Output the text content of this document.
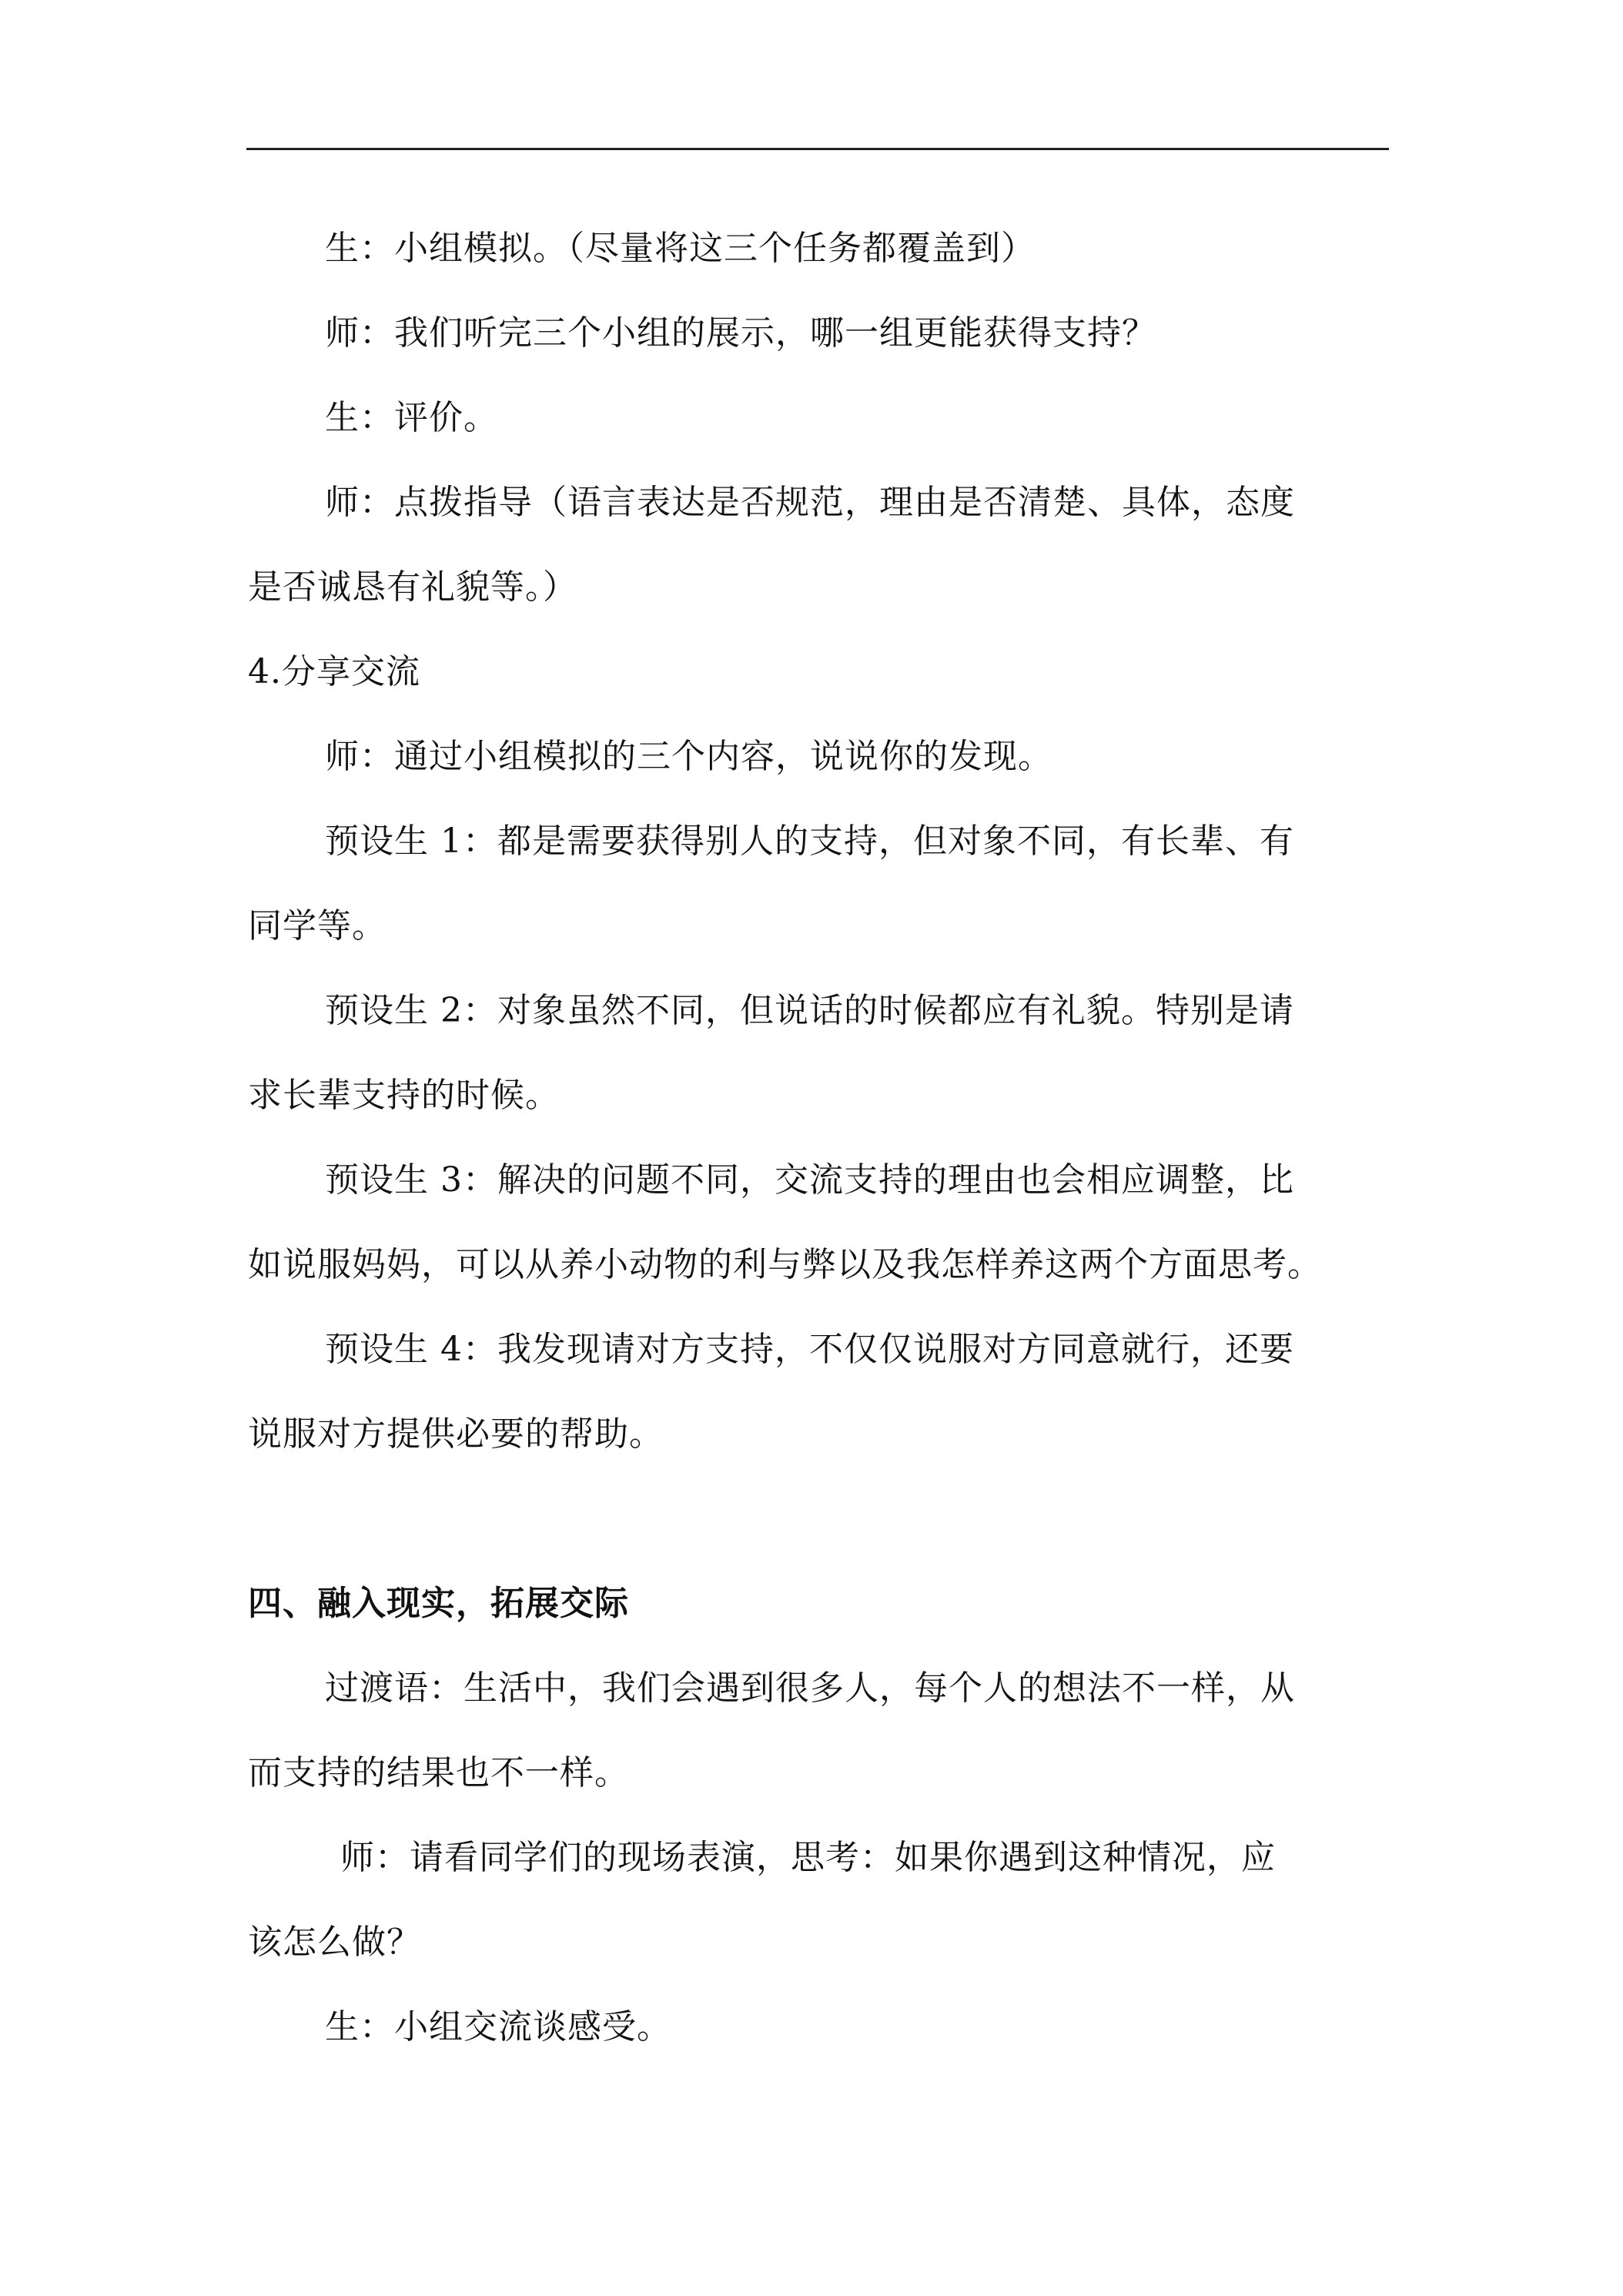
生：小组模拟。（尽量将这三个任务都覆盖到）

师：我们听完三个小组的展示，哪一组更能获得支持？

生：评价。

师：点拨指导（语言表达是否规范，理由是否清楚、具体，态度

是否诚恳有礼貌等。）

4.分享交流

师：通过小组模拟的三个内容，说说你的发现。

预设生 1：都是需要获得别人的支持，但对象不同，有长辈、有

同学等。

预设生 2：对象虽然不同，但说话的时候都应有礼貌。特别是请

求长辈支持的时候。

预设生 3：解决的问题不同，交流支持的理由也会相应调整，比

如说服妈妈，可以从养小动物的利与弊以及我怎样养这两个方面思考。

预设生 4：我发现请对方支持，不仅仅说服对方同意就行，还要

说服对方提供必要的帮助。

四、融入现实，拓展交际

过渡语：生活中，我们会遇到很多人，每个人的想法不一样，从

而支持的结果也不一样。

师：请看同学们的现场表演，思考：如果你遇到这种情况，应

该怎么做？

生：小组交流谈感受。
